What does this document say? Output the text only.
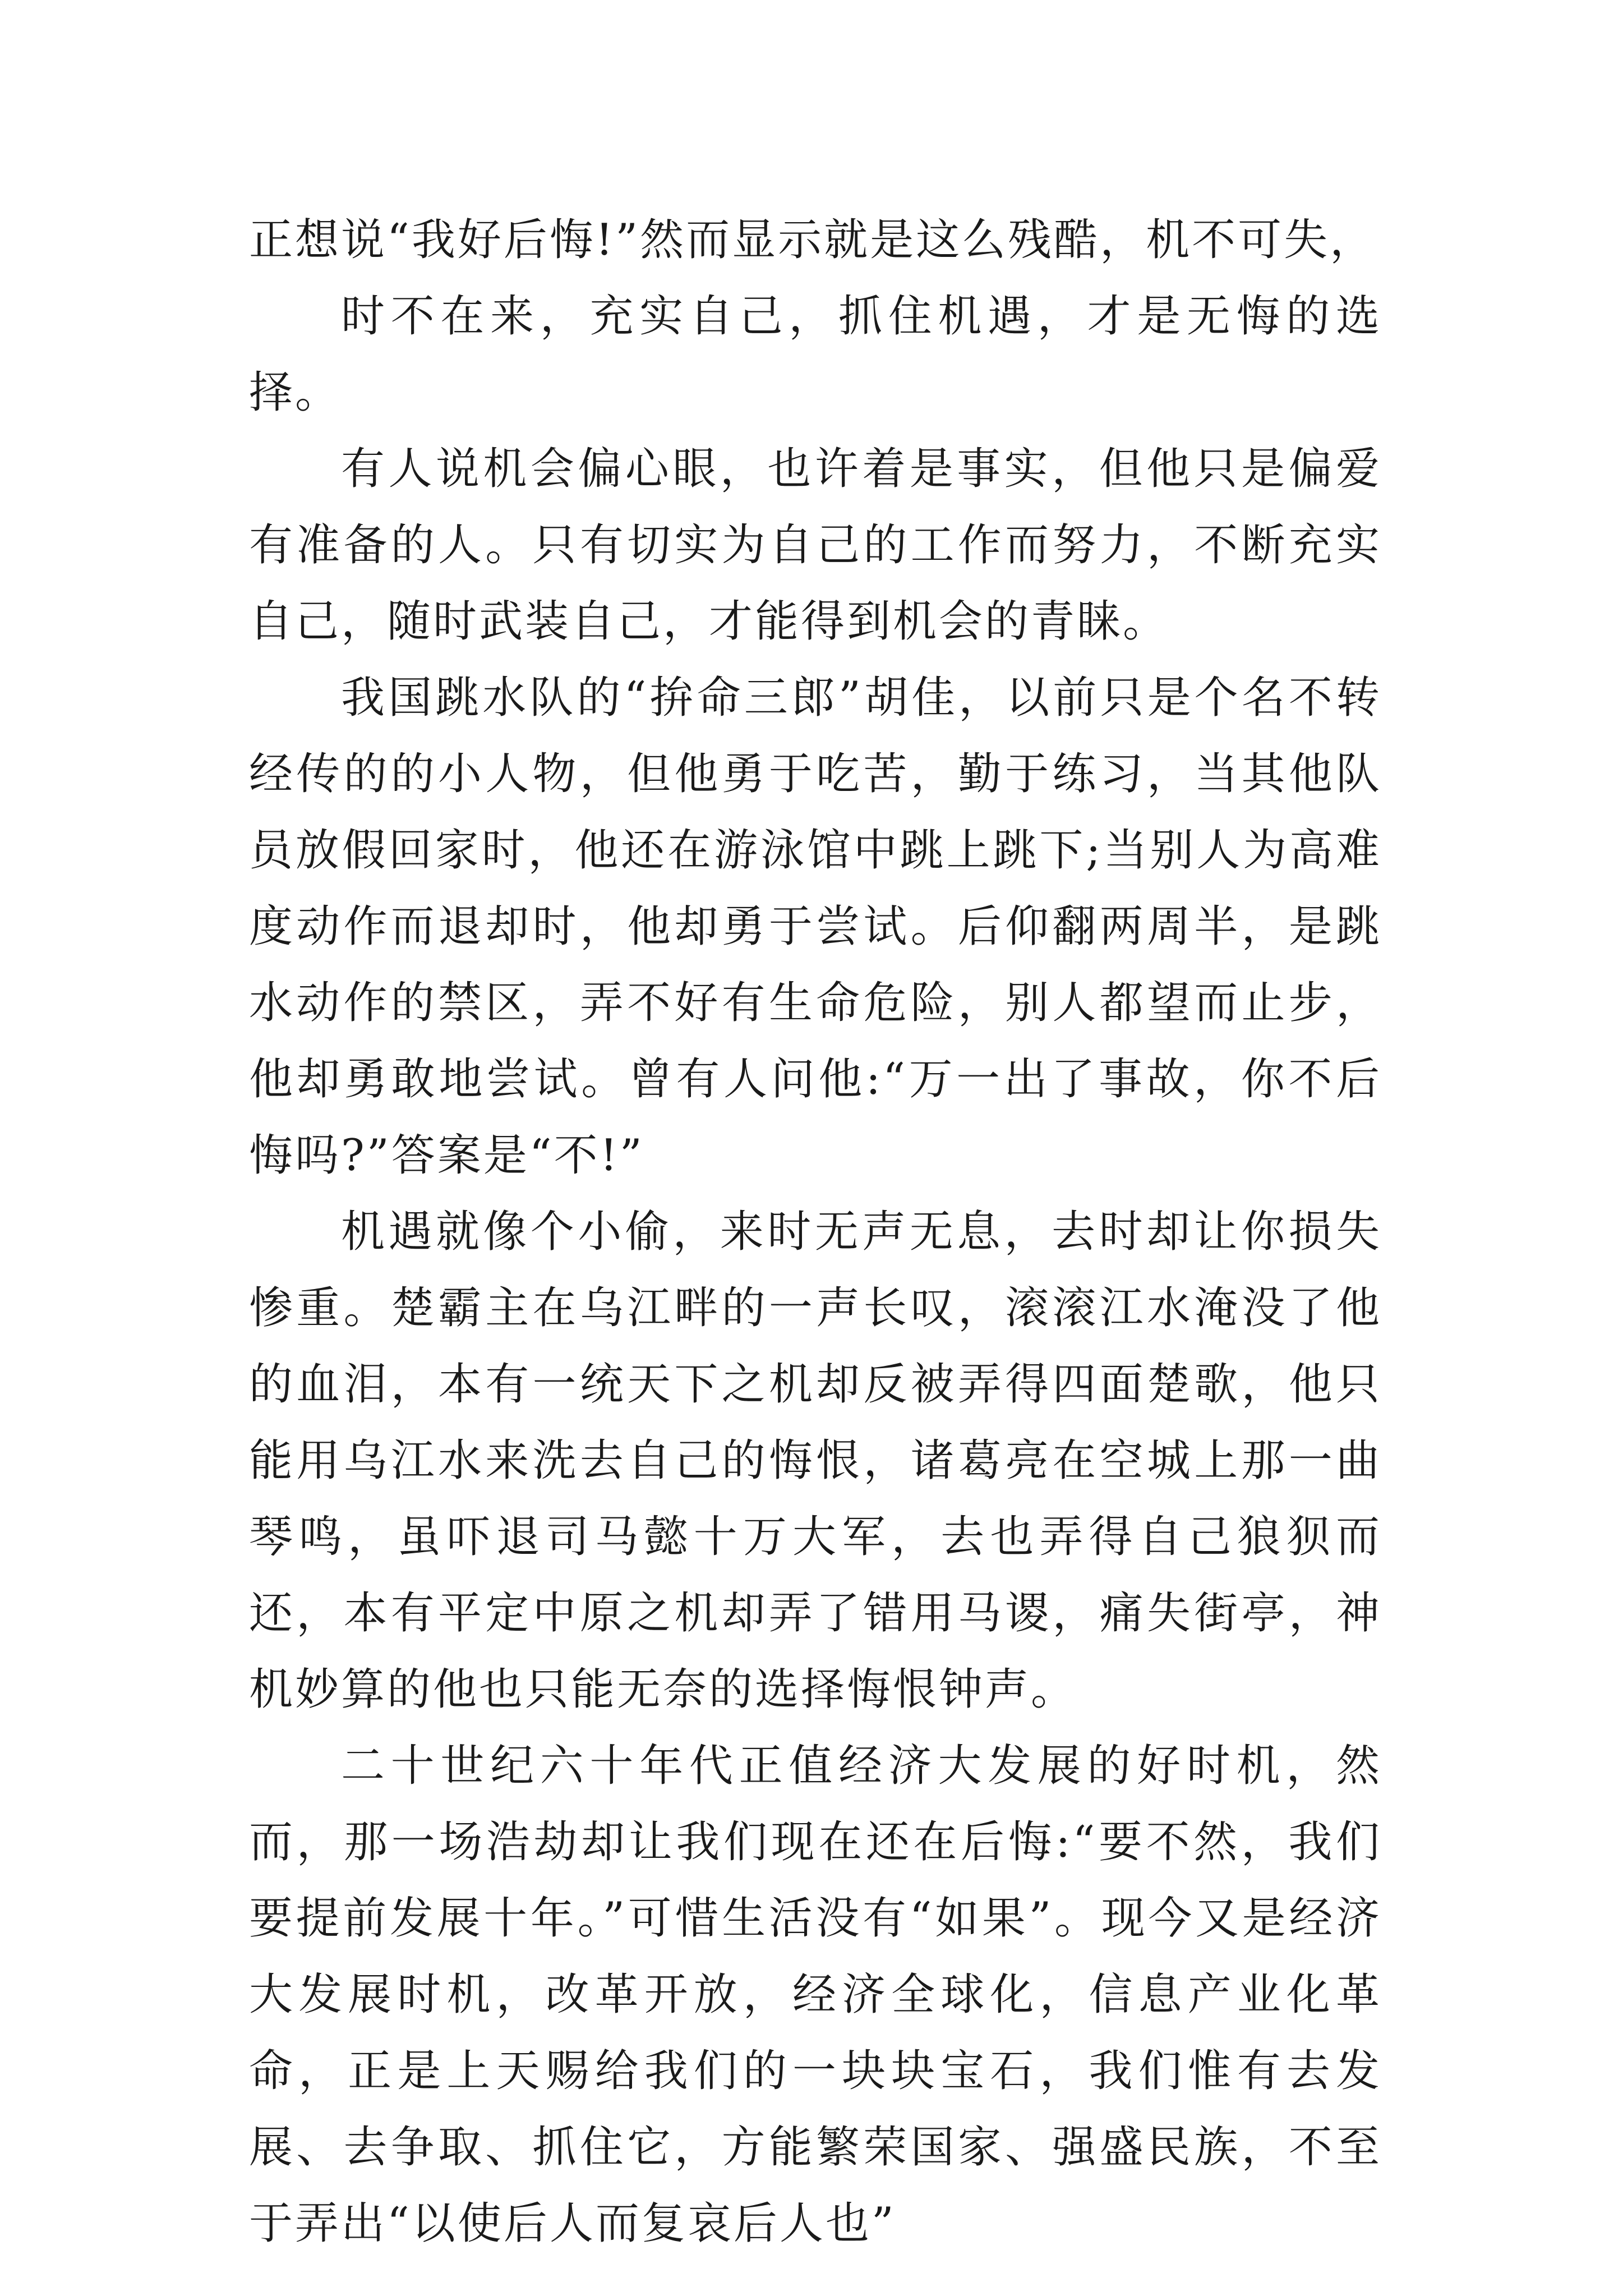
正想说“我好后悔!”然而显示就是这么残酷，机不可失，

时不在来，充实自己，抓住机遇，才是无悔的选择。

有人说机会偏心眼，也许着是事实，但他只是偏爱有准备的人。只有切实为自己的工作而努力，不断充实自己，随时武装自己，才能得到机会的青睐。

我国跳水队的“拚命三郎”胡佳，以前只是个名不转经传的的小人物，但他勇于吃苦，勤于练习，当其他队员放假回家时，他还在游泳馆中跳上跳下;当别人为高难度动作而退却时，他却勇于尝试。后仰翻两周半，是跳水动作的禁区，弄不好有生命危险，别人都望而止步，他却勇敢地尝试。曾有人问他:“万一出了事故，你不后悔吗?”答案是“不!”

机遇就像个小偷，来时无声无息，去时却让你损失惨重。楚霸主在乌江畔的一声长叹，滚滚江水淹没了他的血泪，本有一统天下之机却反被弄得四面楚歌，他只能用乌江水来洗去自己的悔恨，诸葛亮在空城上那一曲琴鸣，虽吓退司马懿十万大军，去也弄得自己狼狈而还，本有平定中原之机却弄了错用马谡，痛失街亭，神机妙算的他也只能无奈的选择悔恨钟声。

二十世纪六十年代正值经济大发展的好时机，然而，那一场浩劫却让我们现在还在后悔:“要不然，我们要提前发展十年。”可惜生活没有“如果”。现今又是经济大发展时机，改革开放，经济全球化，信息产业化革命，正是上天赐给我们的一块块宝石，我们惟有去发展、去争取、抓住它，方能繁荣国家、强盛民族，不至于弄出“以使后人而复哀后人也”
